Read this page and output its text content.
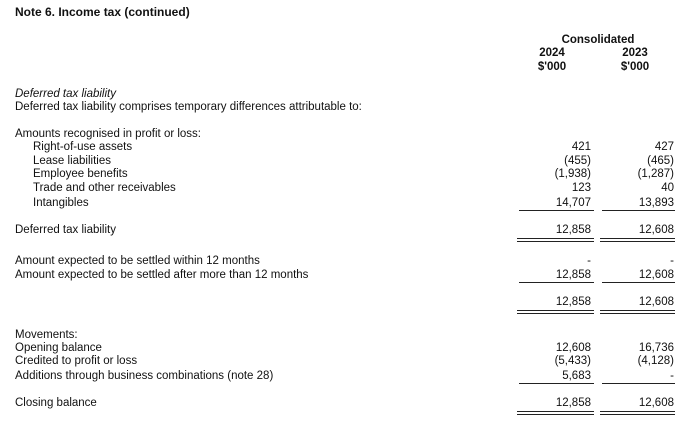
Note 6. Income tax (continued)
Consolidated
2024	2023
$'000	$'000
Deferred tax liability
Deferred tax liability comprises temporary differences attributable to:
Amounts recognised in profit or loss:
Right-of-use assets	421	427
Lease liabilities	(455)	(465)
Employee benefits	(1,938)	(1,287)
Trade and other receivables	123	40
Intangibles	14,707	13,893
Deferred tax liability	12,858	12,608
Amount expected to be settled within 12 months	-	-
Amount expected to be settled after more than 12 months	12,858	12,608
12,858	12,608
Movements:
Opening balance	12,608	16,736
Credited to profit or loss	(5,433)	(4,128)
Additions through business combinations (note 28)	5,683	-
Closing balance	12,858	12,608
